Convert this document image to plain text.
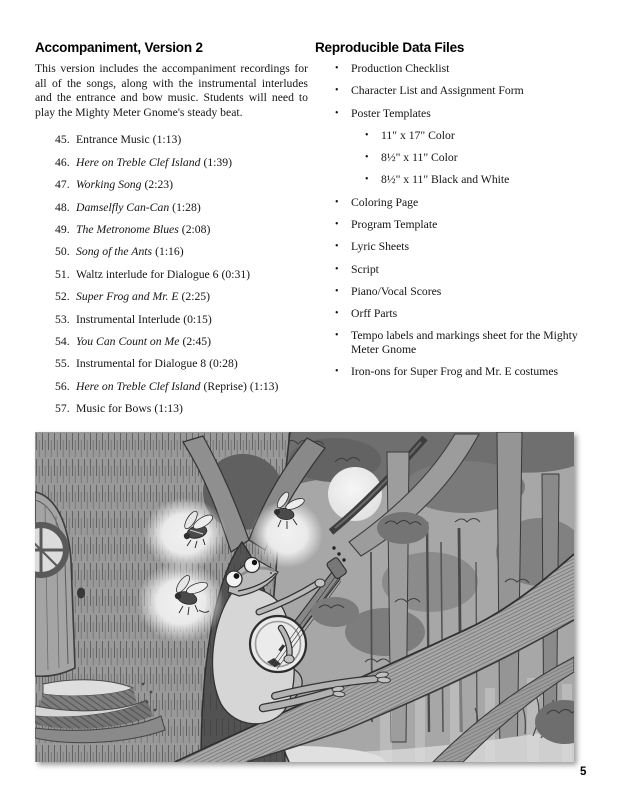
Accompaniment, Version 2

This version includes the accompaniment recordings for all of the songs, along with the instrumental interludes and the entrance and bow music. Students will need to play the Mighty Meter Gnome's steady beat.

45. Entrance Music (1:13)
46. Here on Treble Clef Island (1:39)
47. Working Song (2:23)
48. Damselfly Can-Can (1:28)
49. The Metronome Blues (2:08)
50. Song of the Ants (1:16)
51. Waltz interlude for Dialogue 6 (0:31)
52. Super Frog and Mr. E (2:25)
53. Instrumental Interlude (0:15)
54. You Can Count on Me (2:45)
55. Instrumental for Dialogue 8 (0:28)
56. Here on Treble Clef Island (Reprise) (1:13)
57. Music for Bows (1:13)
Reproducible Data Files
•	Production Checklist
•	Character List and Assignment Form
•	Poster Templates
•	11" x 17" Color
•	8½" x 11" Color
•	8½" x 11" Black and White
•	Coloring Page
•	Program Template
•	Lyric Sheets
•	Script
•	Piano/Vocal Scores
•	Orff Parts
•	Tempo labels and markings sheet for the Mighty Meter Gnome
•	Iron-ons for Super Frog and Mr. E costumes
5
